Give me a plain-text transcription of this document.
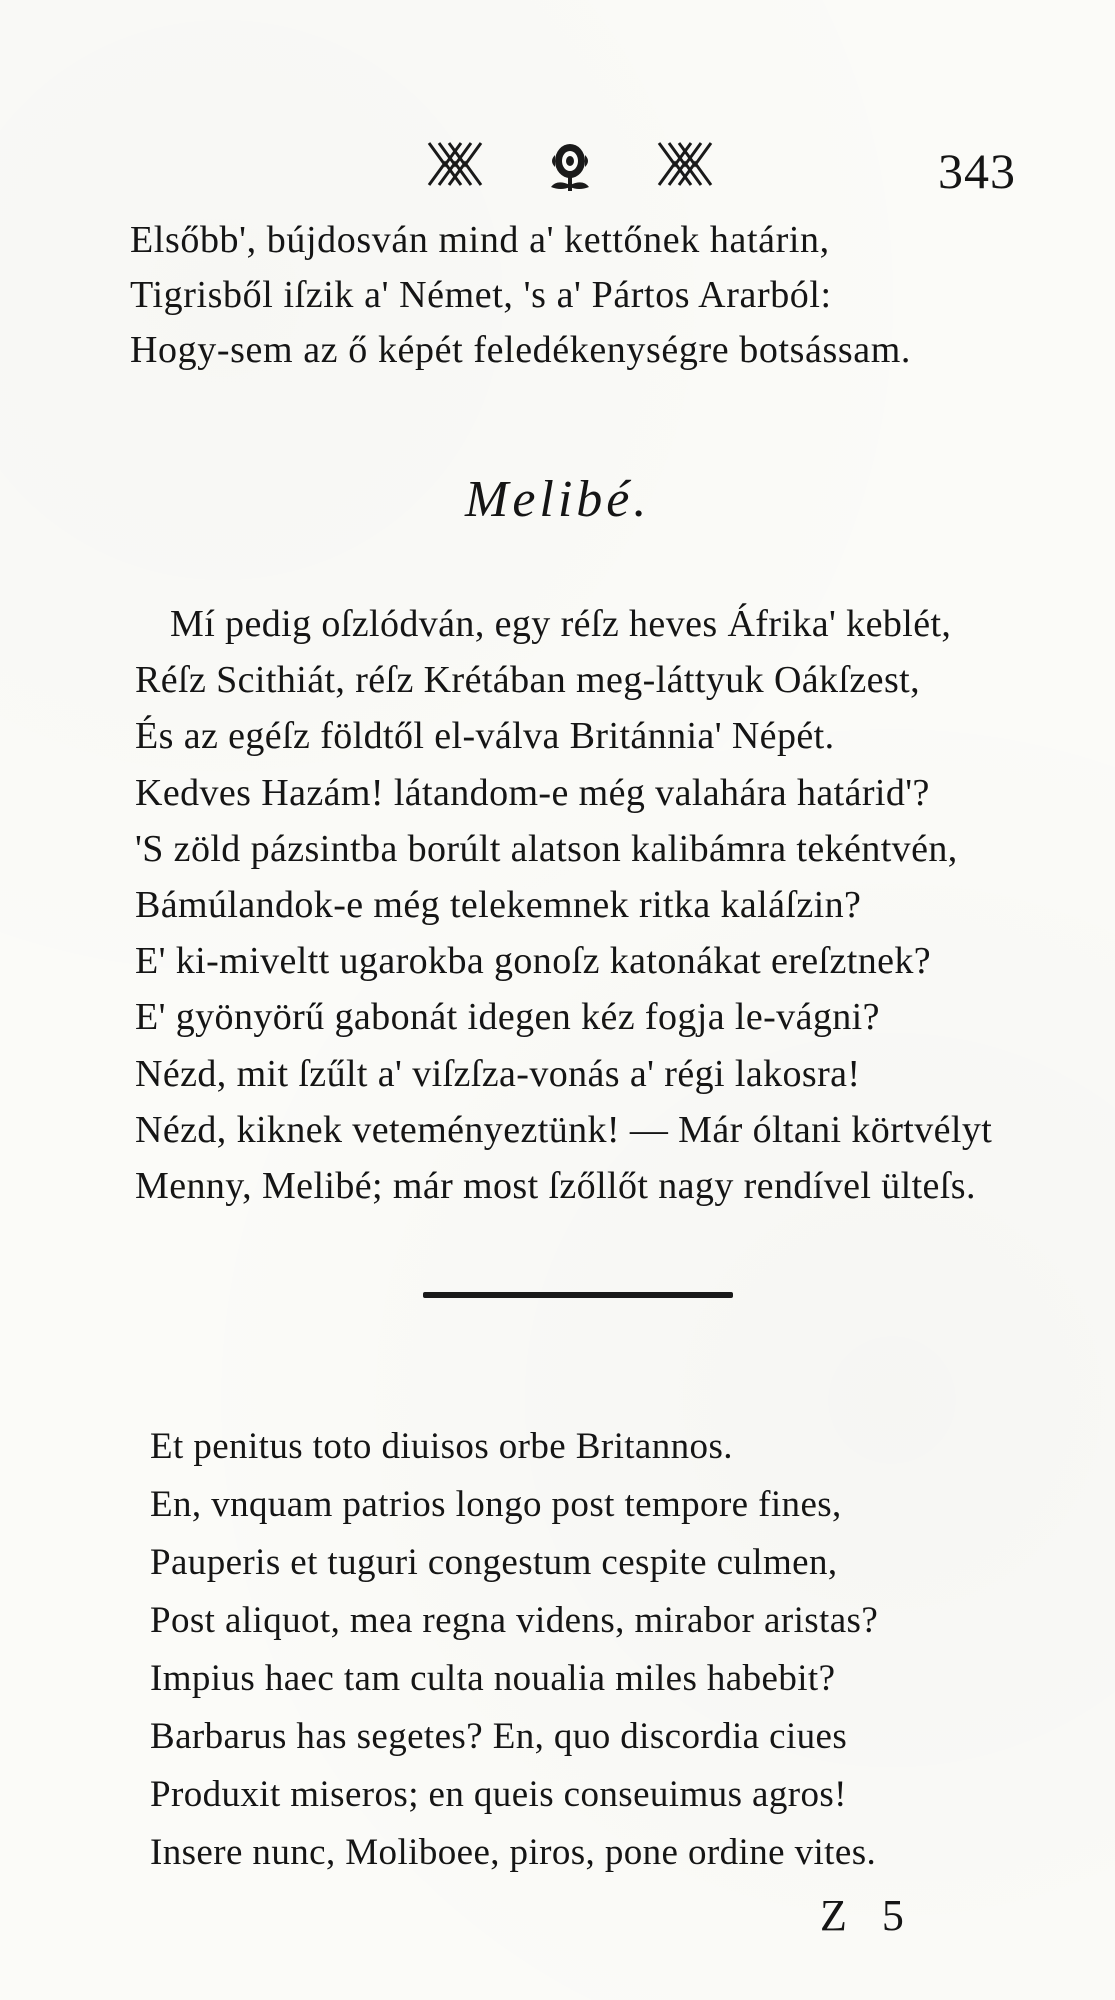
343
Elsőbb', bújdosván mind a' kettőnek határin,
Tigrisből iſzik a' Német, 's a' Pártos Ararból:
Hogy-sem az ő képét feledékenységre botsássam.
Melibé.
Mí pedig oſzlódván, egy réſz heves Áfrika' keblét,
Réſz Scithiát, réſz Krétában meg-láttyuk Oákſzest,
És az egéſz földtől el-válva Británnia' Népét.
Kedves Hazám! látandom-e még valahára határid'?
'S zöld pázsintba borúlt alatson kalibámra tekéntvén,
Bámúlandok-e még telekemnek ritka kaláſzin?
E' ki-miveltt ugarokba gonoſz katonákat ereſztnek?
E' gyönyörű gabonát idegen kéz fogja le-vágni?
Nézd, mit ſzűlt a' viſzſza-vonás a' régi lakosra!
Nézd, kiknek veteményeztünk! — Már óltani körtvélyt
Menny, Melibé; már most ſzőllőt nagy rendível ülteſs.
Et penitus toto diuisos orbe Britannos.
En, vnquam patrios longo post tempore fines,
Pauperis et tuguri congestum cespite culmen,
Post aliquot, mea regna videns, mirabor aristas?
Impius haec tam culta noualia miles habebit?
Barbarus has segetes? En, quo discordia ciues
Produxit miseros; en queis conseuimus agros!
Insere nunc, Moliboee, piros, pone ordine vites.
Z 5
